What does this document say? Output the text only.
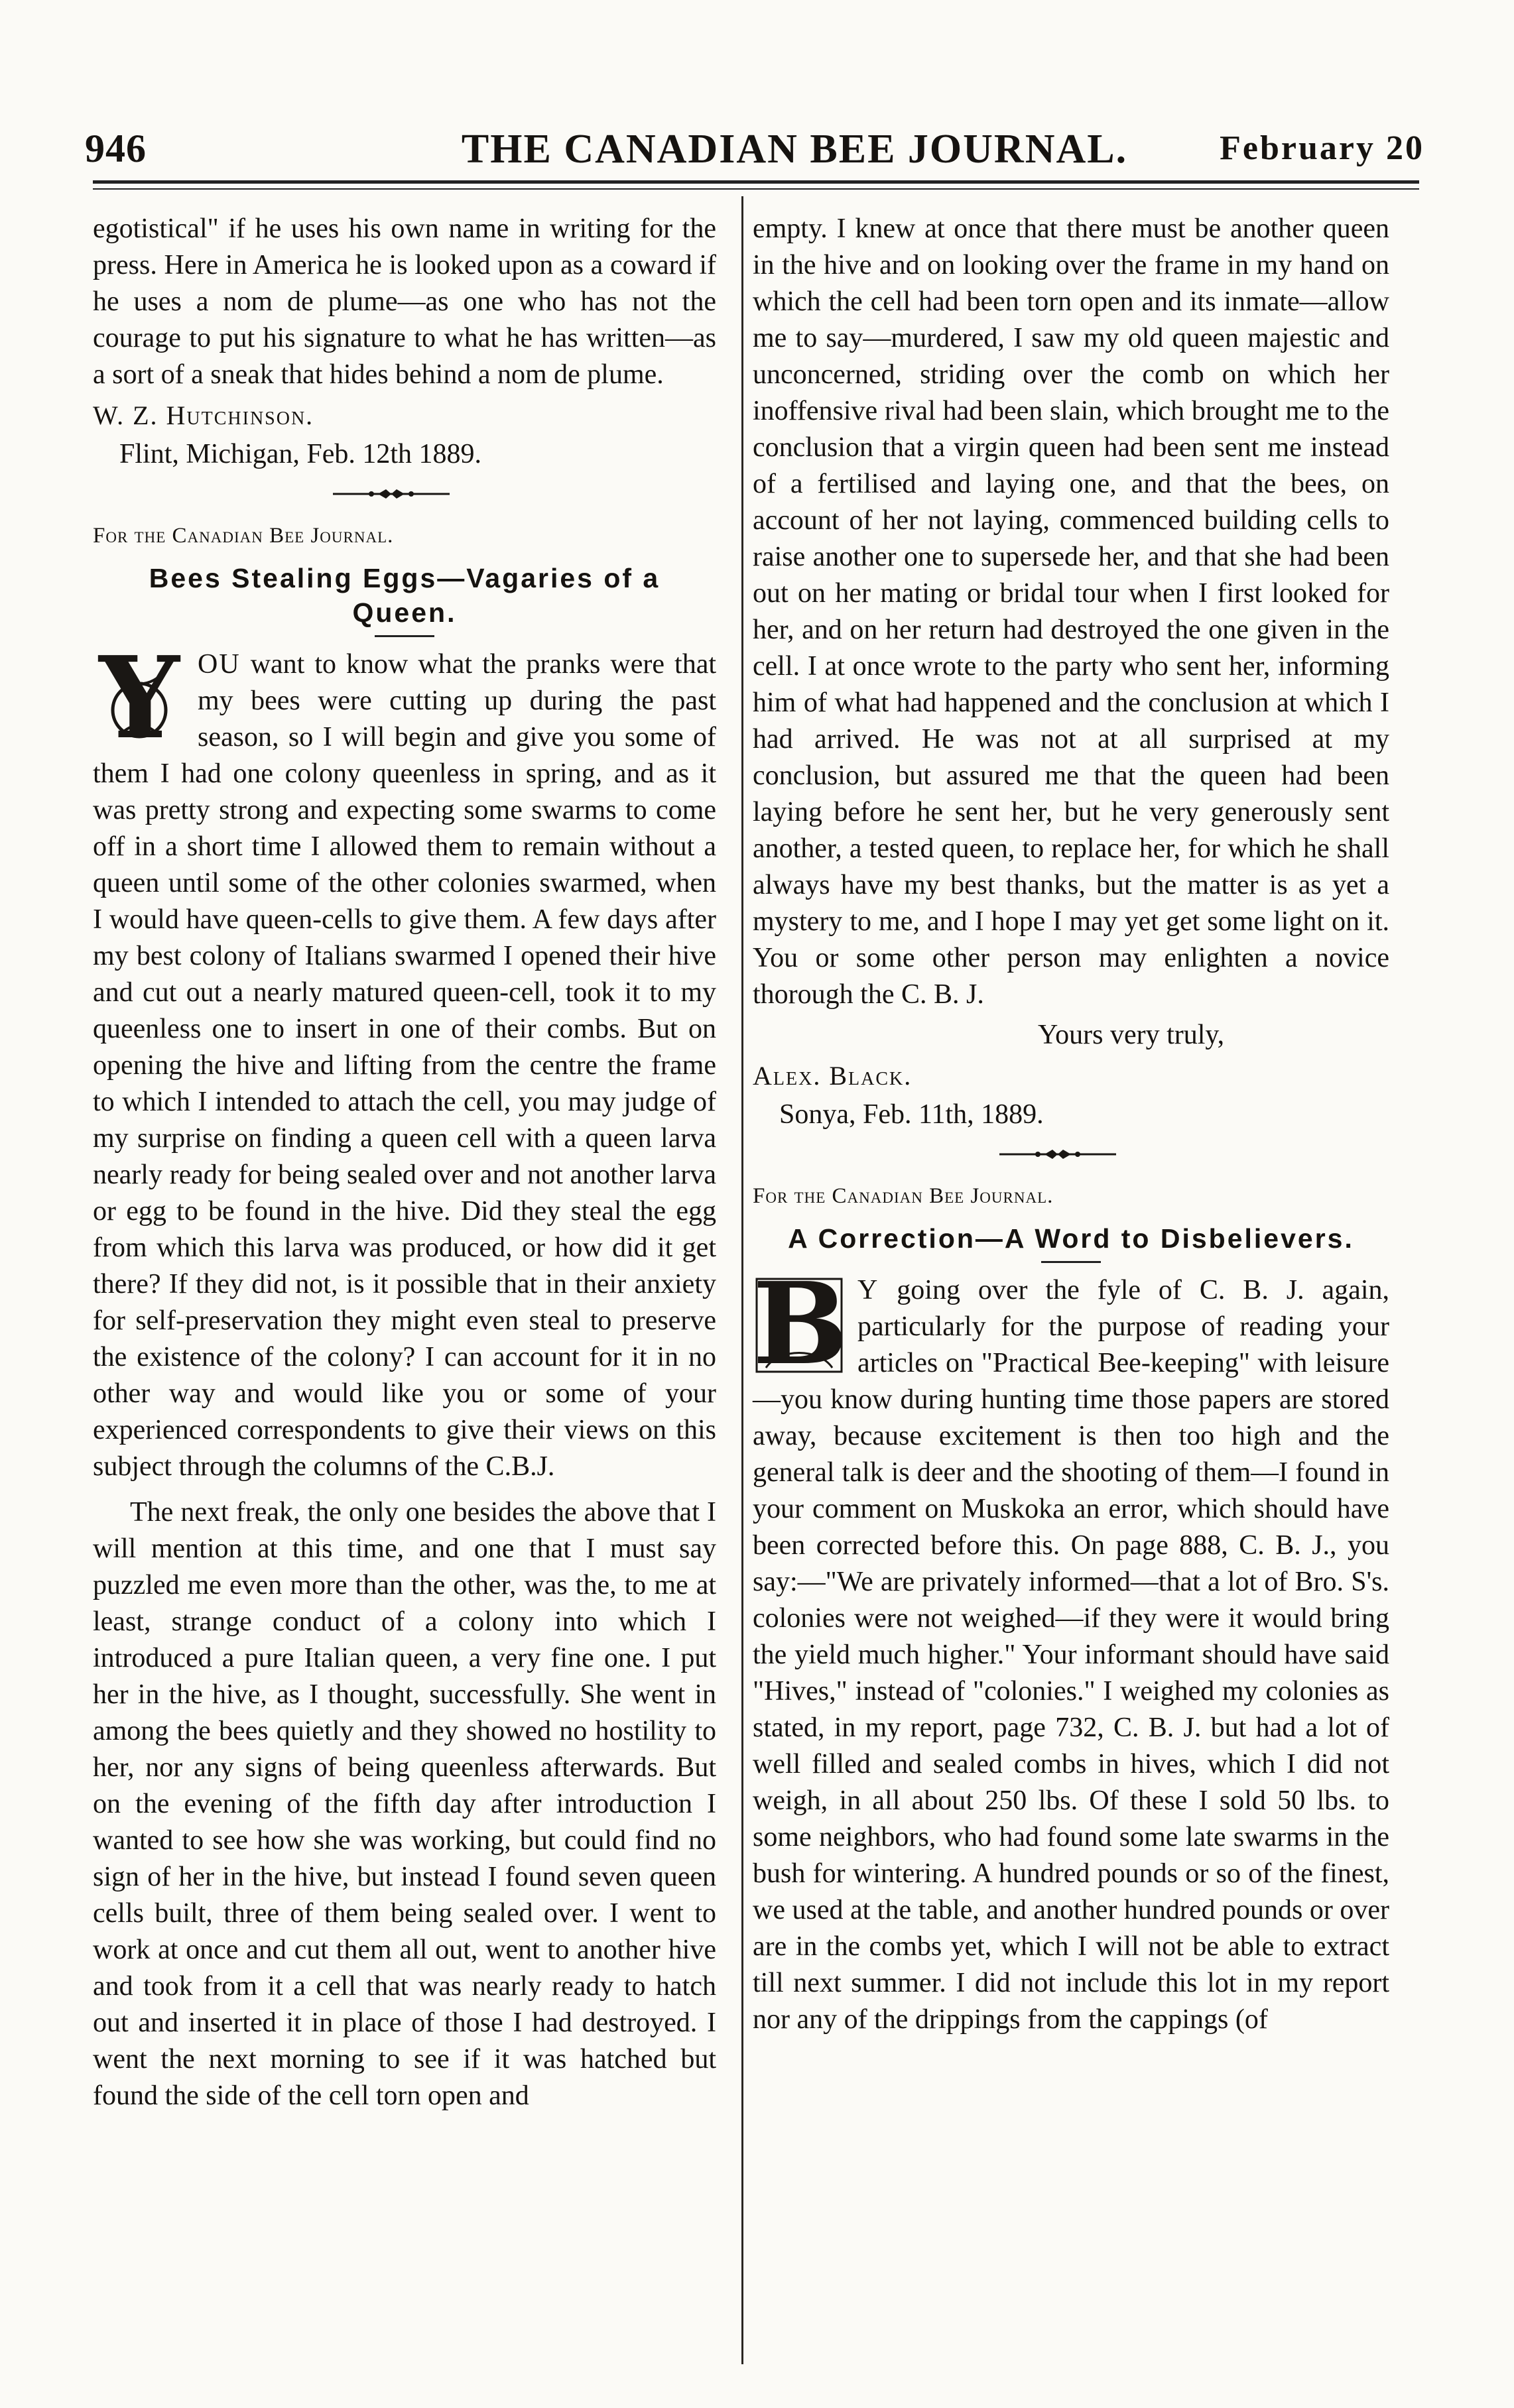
946	THE CANADIAN BEE JOURNAL.	February 20

egotistical" if he uses his own name in writing for the press. Here in America he is looked upon as a coward if he uses a nom de plume—as one who has not the courage to put his signature to what he has written—as a sort of a sneak that hides behind a nom de plume.

W. Z. Hutchinson.

Flint, Michigan, Feb. 12th 1889.

For the Canadian Bee Journal.

Bees Stealing Eggs—Vagaries of a Queen.

Y OU want to know what the pranks were that my bees were cutting up during the past season, so I will begin and give you some of them I had one colony queenless in spring, and as it was pretty strong and expecting some swarms to come off in a short time I allowed them to remain without a queen until some of the other colonies swarmed, when I would have queen-cells to give them. A few days after my best colony of Italians swarmed I opened their hive and cut out a nearly matured queen-cell, took it to my queenless one to insert in one of their combs. But on opening the hive and lifting from the centre the frame to which I intended to attach the cell, you may judge of my surprise on finding a queen cell with a queen larva nearly ready for being sealed over and not another larva or egg to be found in the hive. Did they steal the egg from which this larva was produced, or how did it get there? If they did not, is it possible that in their anxiety for self-preservation they might even steal to preserve the existence of the colony? I can account for it in no other way and would like you or some of your experienced correspondents to give their views on this subject through the columns of the C.B.J.

The next freak, the only one besides the above that I will mention at this time, and one that I must say puzzled me even more than the other, was the, to me at least, strange conduct of a colony into which I introduced a pure Italian queen, a very fine one. I put her in the hive, as I thought, successfully. She went in among the bees quietly and they showed no hostility to her, nor any signs of being queenless afterwards. But on the evening of the fifth day after introduction I wanted to see how she was working, but could find no sign of her in the hive, but instead I found seven queen cells built, three of them being sealed over. I went to work at once and cut them all out, went to another hive and took from it a cell that was nearly ready to hatch out and inserted it in place of those I had destroyed. I went the next morning to see if it was hatched but found the side of the cell torn open and

empty. I knew at once that there must be another queen in the hive and on looking over the frame in my hand on which the cell had been torn open and its inmate—allow me to say—murdered, I saw my old queen majestic and unconcerned, striding over the comb on which her inoffensive rival had been slain, which brought me to the conclusion that a virgin queen had been sent me instead of a fertilised and laying one, and that the bees, on account of her not laying, commenced building cells to raise another one to supersede her, and that she had been out on her mating or bridal tour when I first looked for her, and on her return had destroyed the one given in the cell. I at once wrote to the party who sent her, informing him of what had happened and the conclusion at which I had arrived. He was not at all surprised at my conclusion, but assured me that the queen had been laying before he sent her, but he very generously sent another, a tested queen, to replace her, for which he shall always have my best thanks, but the matter is as yet a mystery to me, and I hope I may yet get some light on it. You or some other person may enlighten a novice thorough the C. B. J.

Yours very truly,

Alex. Black.

Sonya, Feb. 11th, 1889.

For the Canadian Bee Journal.

A Correction—A Word to Disbelievers.

B Y going over the fyle of C. B. J. again, particularly for the purpose of reading your articles on "Practical Bee-keeping" with leisure—you know during hunting time those papers are stored away, because excitement is then too high and the general talk is deer and the shooting of them—I found in your comment on Muskoka an error, which should have been corrected before this. On page 888, C. B. J., you say:—"We are privately informed—that a lot of Bro. S's. colonies were not weighed—if they were it would bring the yield much higher." Your informant should have said "Hives," instead of "colonies." I weighed my colonies as stated, in my report, page 732, C. B. J. but had a lot of well filled and sealed combs in hives, which I did not weigh, in all about 250 lbs. Of these I sold 50 lbs. to some neighbors, who had found some late swarms in the bush for wintering. A hundred pounds or so of the finest, we used at the table, and another hundred pounds or over are in the combs yet, which I will not be able to extract till next summer. I did not include this lot in my report nor any of the drippings from the cappings (of
